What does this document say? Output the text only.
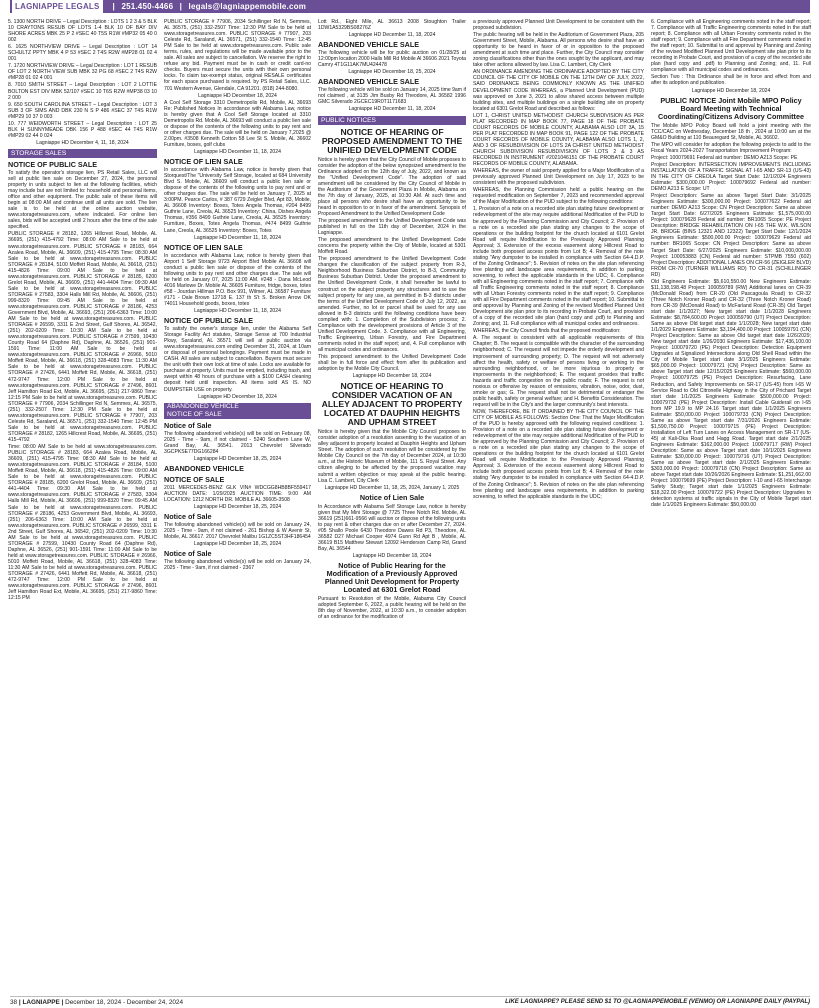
LAGNIAPPE LEGALS	| 251.450-4466 | legals@lagniappemobile.com

5. 1300 NORTH DRIVE – Legal Description : LOTS 1 2 3 & 5 BLK 10 CRAYTONS RESUB OF LOTS 1-4 BLK 10 OF BAY DIV SHORE ACRES MBK 25 P 2 #SEC 40 T5S R1W #MP32 05 40 0 002

6. 1625 NORTHVIEW DRIVE – Legal Description : LOT 14 SCHULTZ PPTY MBK 4 P 53 #SEC 2 T4S R2W #MP28 01 02 4 001

7. 1720 NORTHVIEW DRIVE – Legal Description : LOT 1 RESUB OF LOT 2 NORTH VIEW SUB MBK 32 PG 68 #SEC 2 T4S R2W #MP28 01 02 4 001

8. 7010 SMITH STREET – Legal Description : LOT 2 LOTTIE BOLTON EST DIV MBK 52/107 #SEC 10 T6S R2W #MP38 03 10 2 000

9. 650 SOUTH CAROLINA STREET – Legal Description : LOT 3 SUB 3 OF SIMS AND DBK 230 N S P 486 #SEC 37 T4S R1W #MP29 10 37 0 003

10. 777 WEIDWORTH STREET – Legal Description : LOT 25 BLK H SUNNYMEADE DBK 156 P 488 #SEC 44 T4S R1W #MP29 02 44 0 024

Lagniappe HD December 4, 11, 18, 2024

STORAGE SALES
NOTICE OF PUBLIC SALE

To satisfy the operator's storage lien, PS Retail Sales, LLC will sell at public lien sale on December 27, 2024, the personal property in units subject to lien at the following facilities, which may include but are not limited to: household and personal items, office and other equipment. The public sale of these items will begin at 08:00 AM and continue until all units are sold. The lien sale is to be held at the online auction website, www.storagetreasures.com, where indicated. For online lien sales, bids will be accepted until 2 hours after the time of the sale specified.

PUBLIC STORAGE # 28182, 1265 Hillcrest Road, Mobile, AL 36695, (251) 415-4792 Time: 08:00 AM Sale to be held at www.storagetreasures.com. PUBLIC STORAGE # 28183, 664 Azalea Road, Mobile, AL 36609, (251) 415-4795 Time: 08:30 AM Sale to be held at www.storagetreasures.com. PUBLIC STORAGE # 28184, 5100 Moffett Road, Mobile, AL 36618, (251) 415-4826 Time: 09:00 AM Sale to be held at www.storagetreasures.com. PUBLIC STORAGE # 28185, 6200 Grelot Road, Mobile, AL 36609, (251) 441-4404 Time: 09:30 AM Sale to be held at www.storagetreasures.com. PUBLIC STORAGE # 27583, 3304 Halls Mill Rd, Mobile, AL 36606, (251) 999-8320 Time: 09:45 AM Sale to be held at www.storagetreasures.com. PUBLIC STORAGE # 28186, 4253 Government Blvd, Mobile, AL 36693, (251) 206-6363 Time: 10:00 AM Sale to be held at www.storagetreasures.com. PUBLIC STORAGE # 26599, 3311 E 2nd Street, Gulf Shores, AL 36542, (251) 202-0209 Time: 10:30 AM Sale to be held at www.storagetreasures.com. PUBLIC STORAGE # 27599, 10430 County Road 64 (Daphne Rd), Daphne, AL 36526, (251) 901-1591 Time: 11:00 AM Sale to be held at www.storagetreasures.com. PUBLIC STORAGE # 26966, 5010 Moffett Road, Mobile, AL 36618, (251) 328-4083 Time: 11:30 AM Sale to be held at www.storagetreasures.com. PUBLIC STORAGE # 27426, 6441 Moffett Rd, Mobile, AL 36618, (251) 472-9747 Time: 12:00 PM Sale to be held at www.storagetreasures.com. PUBLIC STORAGE # 27496, 8601 Jeff Hamilton Road Ext, Mobile, AL 36695, (251) 217-9860 Time: 12:15 PM Sale to be held at www.storagetreasures.com. PUBLIC STORAGE # 77906, 2034 Schillinger Rd N, Semmes, AL 36575, (251) 332-2507 Time: 12:30 PM Sale to be held at www.storagetreasures.com. PUBLIC STORAGE # 77907, 203 Celeste Rd, Saraland, AL 36571, (251) 332-1540 Time: 12:45 PM Sale to be held at www.storagetreasures.com. PUBLIC STORAGE # 28182, 1265 Hillcrest Road, Mobile, AL 36695, (251) 415-4792

Time: 08:00 AM Sale to be held at www.storagetreasures.com. PUBLIC STORAGE # 28183, 664 Azalea Road, Mobile, AL 36609, (251) 415-4795 Time: 08:30 AM Sale to be held at www.storagetreasures.com. PUBLIC STORAGE # 28184, 5100 Moffett Road, Mobile, AL 36618, (251) 415-4826 Time: 09:00 AM Sale to be held at www.storagetreasures.com. PUBLIC STORAGE # 28185, 6200 Grelot Road, Mobile, AL 36609, (251) 441-4404 Time: 09:30 AM Sale to be held at www.storagetreasures.com. PUBLIC STORAGE # 27583, 3304 Halls Mill Rd, Mobile, AL 36606, (251) 999-8320 Time: 09:45 AM Sale to be held at www.storagetreasures.com. PUBLIC STORAGE # 28186, 4253 Government Blvd, Mobile, AL 36693, (251) 206-6363 Time: 10:00 AM Sale to be held at www.storagetreasures.com. PUBLIC STORAGE # 26599, 3311 E 2nd Street, Gulf Shores, AL 36542, (251) 202-0209 Time: 10:30 AM Sale to be held at www.storagetreasures.com. PUBLIC STORAGE # 27599, 10430 County Road 64 (Daphne Rd), Daphne, AL 36526, (251) 901-1591 Time: 11:00 AM Sale to be held at www.storagetreasures.com. PUBLIC STORAGE # 26966, 5010 Moffett Road, Mobile, AL 36618, (251) 328-4083 Time: 11:30 AM Sale to be held at www.storagetreasures.com. PUBLIC STORAGE # 27426, 6441 Moffett Rd, Mobile, AL 36618, (251) 472-9747 Time: 12:00 PM Sale to be held at www.storagetreasures.com. PUBLIC STORAGE # 27496, 8601 Jeff Hamilton Road Ext, Mobile, AL 36695, (251) 217-9860 Time: 12:15 PM

PUBLIC STORAGE # 77906, 2034 Schillinger Rd N, Semmes, AL 36575, (251) 332-2507 Time: 12:30 PM Sale to be held at www.storagetreasures.com. PUBLIC STORAGE # 77907, 203 Celeste Rd, Saraland, AL 36571, (251) 332-1540 Time: 12:45 PM Sale to be held at www.storagetreasures.com. Public sale terms, rules, and regulations will be made available prior to the sale. All sales are subject to cancellation. We reserve the right to refuse any bid. Payment must be in cash or credit card-no checks. Buyers must secure the units with their own personal locks. To claim tax-exempt status, original RESALE certificates for each space purchased is required. by PS Retail Sales, LLC. 701 Western Avenue, Glendale, CA 91201. (818) 244-8080.

Lagniappe HD December 18, 2024

A Cool Self Storage 3310 Demetropolis Rd, Mobile, AL 36693 Re: Published Notices In accordance with Alabama Law, notice is hereby given that A Cool Self Storage located at 3310 Demetropolis Rd. Mobile, AL 36693 will conduct a public lien sale or dispose of the contents of the following units to pay rent and or other charges due. The sale will be held on January 7,2025 @ 2.00pm. #3508 Kenneth Cotton 58 Lee St S. Mobile, AL 36602 Furniture, boxes, golf clubs

Lagniappe HD December 11, 18, 2024

NOTICE OF LIEN SALE

In accordance with Alabama Law, notice is hereby given that Storquest/The "University Self Storage, located at 684 University Blvd S. Mobile, AL 36609 will conduct a public lien sale or dispose of the contents of the following units to pay rent and or other charges due. The sale will be held on January 7, 2025 at 3:00PM. Pearce Carlos, # 387 6729 Zeigler Blvd, Apt 83, Mobile, AL 36608 Inventory: Boxes, Totes Angela Thomas, #204 8499 Guthrie Lane, Creola, AL 36525 Inventory: China, Dishes Angela Thomas, #356 8499 Guthrie Lane, Creola, AL 36525 Inventory: Furniture, Boxes, Totes Angela Thomas, #474 8499 Guthrie Lane, Creola, AL 36525 Inventory: Boxes, Totes

Lagniappe HD December 11, 18, 2024

NOTICE OF LIEN SALE

In accordance with Alabama Law, notice is hereby given that Airport 1 Self Storage 9723 Airport Blvd Mobile AL 36608 will conduct a public lien sale or dispose of the contents of the following units to pay rent and other charges due. The sale will be held on January 07, 2025 11:00 AM. #248 - Dana McLeod 4016 Marlowe Dr. Mobile AL 36605 Furniture, fridge, boxes, totes #58 - Jourdan Hillman P.O. Box 991, Wilmer, AL 36587 Furniture #171 - Dale Brown 12718 E. 137 th S't S. Broken Arrow OK 74011 Household goods, boxes, totes

Lagniappe HD December 11, 18, 2024

NOTICE OF PUBLIC SALE

To satisfy the owner's storage lien, under the Alabama Self Storage Facility Act statutes, Storage Sense at 700 Industrial Pkwy, Saraland, AL 36571 will sell at public auction via www.storagetreasures.com ending December 31, 2024, at 10am or disposal of personal belongings. Payment must be made in CASH. All sales are subject to cancellation. Buyers must secure the unit with their own lock at time of sale. Locks are available for purchase at property. Units must be emptied, including trash, and swept within 48 hours of purchase with a $100 CASH cleaning deposit held until inspection. All items sold AS IS. NO DUMPSTER USE on property.

Lagniappe HD December 18, 2024

ABANDONED VEHICLE
NOTICE OF SALE
Notice of Sale

The following abandoned vehicle(s) will be sold on February 08, 2025 - Time - 9am, if not claimed - 5240 Southern Lane W, Grand Bay, AL 36541. 2013 Chevrolet Silverado 3GCPKSE77DG166284

Lagniappe HD December 18, 25, 2024

ABANDONED VEHICLE
NOTICE OF SALE

2011 MERCEDES-BENZ GLK VIN# WDCGG8HB8BF559417 AUCTION DATE: 1/29/2025 AUCTION TIME: 9:00 AM LOCATION: 1212 NORTH DR. MOBILE AL 36605-3508

Lagniappe HD December 18, 25, 2024

Notice of Sale

The following abandoned vehicle(s) will be sold on January 24, 2025 - Time - 9am, if not claimed - 261 Bishop & W Avenir St, Mobile, AL 36617. 2017 Chevrolet Malibu 1G1ZC5ST3HF186454

Lagniappe HD December 18, 25, 2024

Notice of Sale

The following abandoned vehicle(s) will be sold on January 24, 2025 - Time - 9am, if not claimed - 2367

Lott Rd., Eight Mile, AL 36613 2008 Stoughton Trailer 1DW1A5329BS08276Z

Lagniappe HD December 11, 18, 2024

ABANDONED VEHICLE SALE

The following vehicle will be for public auction on 01/28/25 at 12:00pm location 2000 Halls Mill Rd Mobile Al 36606 2021 Toyota Camry 4T1G11AK7MU424478

Lagniappe HD December 18, 25, 2024

ABANDONED VEHICLE SALE

The following vehicle will be sold on January 14, 2025 time 9am if not claimed , at 3135 Jim Busby Rd Theodore, AL 36582 1996 GMC Silverado 2GCEC19R0T1171683

Lagniappe HD December 11, 18, 2024

PUBLIC NOTICES
NOTICE OF HEARING OF PROPOSED AMENDMENT TO THE UNIFIED DEVELOPMENT CODE

Notice is hereby given that the City Council of Mobile proposes to consider the adoption of the below synopsized amendment to the Ordinance adopted on the 12th day of July, 2022, and known as the "Unified Development Code". The adoption of said amendment will be considered by the City Council of Mobile in the Auditorium of the Government Plaza in Mobile, Alabama on the 7th day of January, 2025, at 10:30 AM. At such time and place all persons who desire shall have an opportunity to be heard in opposition to or in favor of the amendment. Synopsis of Proposed Amendment to the Unified Development Code

The proposed amendment to the Unified Development Code was published in full on the 11th day of December, 2024 in the Lagniappe.

The proposed amendment to the Unified Development Code concerns the property within the City of Mobile, located at 5301 Moffett Road.

The proposed amendment to the Unified Development Code changes the classification of the subject property from R-3, Neighborhood Business Suburban District, to B-3, Community Business Suburban District. Under the proposed amendment to the Unified Development Code, it shall hereafter be lawful to construct on the subject property any structures and to use the subject property for any use, as permitted in B-3 districts under the terms of the Unified Development Code of July 12, 2022, as amended. Further, no lot or parcel shall be used for any use allowed in B-3 districts until the following conditions have been complied with: 1. Completion of the Subdivision process; 2. Compliance with the development provisions of Article 3 of the Unified Development Code. 3. Compliance with all Engineering, Traffic Engineering, Urban Forestry, and Fire Department comments noted in the staff report; and, 4. Full compliance with all municipal codes and ordinances.

This proposed amendment to the Unified Development Code shall be in full force and effect from after its publication and adoption by the Mobile City Council.

Lagniappe HD December 18, 2024

NOTICE OF HEARING TO CONSIDER VACATION OF AN ALLEY ADJACENT TO PROPERTY LOCATED AT DAUPHIN HEIGHTS AND UPHAM STREET

Notice is hereby given that the Mobile City Council proposes to consider adoption of a resolution assenting to the vacation of an alley adjacent to property located at Dauphin Heights and Upham Street. The adoption of such resolution will be considered by the Mobile City Council on the 7th day of December 2024, at 10:30 a.m., at the Historic Museum of Mobile, 111 S. Royal Street. Any citizen alleging to be affected by the proposed vacation may submit a written objection or may speak at the public hearing. Lisa C. Lambert, City Clerk

Lagniappe HD December 11, 18, 25, 2024, January 1, 2025

Notice of Lien Sale

In Accordance with Alabama Self Storage Law, notice is hereby given that My Mini Storage @ 7725 Three Notch Rd. Mobile, AL 36619 (251)661-9566 will auction or dispose of the following units to pay rent & other charges due on or after December 27, 2024. #05 Shallo Poole 6430 Theodore Dawes Rd P3, Theodore, AL 36582 D27 Michael Cooper 4974 Gunn Rd Apt B , Mobile, AL 36619 B15 Matthew Stewart 12092 Henderson Camp Rd, Grand Bay, AL 36544

Lagniappe HD December 18, 2024

Notice of Public Hearing for the Modification of a Previously Approved Planned Unit Development for Property Located at 6301 Grelot Road

Pursuant to Resolution of the Mobile, Alabama City Council adopted September 6, 2022, a public hearing will be held on the 8th day of November, 2022, at 10:30 a.m., to consider adoption of an ordinance for the modification of

a previously approved Planned Unit Development to be consistent with the proposed subdivision.

The public hearing will be held in the Auditorium of Government Plaza, 205 Government Street, Mobile, Alabama. All persons who desire shall have an opportunity to be heard in favor of or in opposition to the proposed amendment at such time and place. Further, the City Council may consider zoning classifications other than the ones sought by the applicant, and may take other actions allowed by law. Lisa C. Lambert, City Clerk

AN ORDINANCE AMENDING THE ORDINANCE ADOPTED BY THE CITY COUNCIL OF THE CITY OF MOBILE ON THE 12TH DAY OF JULY, 2022, SAID ORDINANCE BEING COMMONLY KNOWN AS THE UNIFIED DEVELOPMENT CODE WHEREAS, a Planned Unit Development (PUD) was approved on June 3, 2021 to allow shared access between multiple building sites, and multiple buildings on a single building site on property located at 6301 Grelot Road and described as follows:

LOT 1, CHRIST UNITED METHODIST CHURCH SUBDIVISION AS PER PLAT RECORDED IN MAP BOOK 77, PAGE 18 OF THE PROBATE COURT RECORDS OF MOBILE COUNTY, ALABAMA ALSO LOT 3A, 15 PER PLAT RECORDED IN MAP BOOK 91, PAGE 122 OF THE PROBATE COURT RECORDS OF MOBILE COUNTY, ALABAMA ALSO LOTS 1, 2, AND 3 OF RESUBDIVISION OF LOTS 2A CHRIST UNITED METHODIST CHURCH SUBDIVISION RESUBDIVISION OF LOTS 2 & 3 AS RECORDED IN INSTRUMENT #2021046151 OF THE PROBATE COURT RECORDS OF MOBILE COUNTY, ALABAMA.

WHEREAS, the owner of said property applied for a Major Modification of a previously approved Planned Unit Development on July 17, 2023 to be consistent with the proposed subdivision.

WHEREAS, the Planning Commission held a public hearing on the requested modification on September 7, 2023 and recommended approval of the Major Modification of the PUD subject to the following conditions:

1. Provision of a note on a recorded site plan stating future development or redevelopment of the site may require additional Modification of the PUD to be approved by the Planning Commission and City Council; 2. Provision of a note on a recorded site plan stating any changes to the scope of operations or the building footprint for the church located at 6101 Grelot Road will require Modification to the Previously Approved Planning Approval; 3. Extension of the excess easement along Hillcrest Road to include both proposed access points from Lot B; 4. Removal of the note stating "Any dumpster to be installed in compliance with Section 64-4.D.P. of the Zoning Ordinance"; 5. Revision of notes on the site plan referencing tree planting and landscape area requirements, in addition to parking screening, to reflect the applicable standards in the UDC; 6. Compliance with all Engineering comments noted in the staff report; 7. Compliance with all Traffic Engineering comments noted in the staff report; 8. Compliance with all Urban Forestry comments noted in the staff report; 9. Compliance with all Fire Department comments noted in the staff report; 10. Submittal to and approval by Planning and Zoning of the revised Modified Planned Unit Development site plan prior to its recording in Probate Court, and provision of a copy of the recorded site plan (hard copy and .pdf) to Planning and Zoning; and, 11. Full compliance with all municipal codes and ordinances.

WHEREAS, the City Council finds that the proposed modification:

A. The request is consistent with all applicable requirements of this Chapter; B. The request is compatible with the character of the surrounding neighborhood; C. The request will not impede the orderly development and improvement of surrounding property; D. The request will not adversely affect the health, safety or welfare of persons living or working in the surrounding neighborhood, or be more injurious to property or improvements in the neighborhood; E. The request provides that traffic hazards and traffic congestion on the public roads; F. The request is not noxious or offensive by reason of emissions, vibration, noise, odor, dust, smoke or gas; G. The request shall not be detrimental or endanger the public health, safety or general welfare; and H. Benefits Consideration. The request will be in the City's and the larger community's best interests.

NOW, THEREFORE, BE IT ORDAINED BY THE CITY COUNCIL OF THE CITY OF MOBILE AS FOLLOWS: Section One: That the Major Modification of the PUD is hereby approved with the following required conditions: 1. Provision of a note on a recorded site plan stating future development or redevelopment of the site may require additional Modification of the PUD to be approved by the Planning Commission and City Council; 2. Provision of a note on a recorded site plan stating any changes to the scope of operations or the building footprint for the church located at 6101 Grelot Road will require Modification to the Previously Approved Planning Approval; 3. Extension of the excess easement along Hillcrest Road to include both proposed access points from Lot B; 4. Removal of the note stating "Any dumpster to be installed in compliance with Section 64-4.D.P. of the Zoning Ordinance"; 5. Revision of notes on the site plan referencing tree planting and landscape area requirements, in addition to parking screening, to reflect the applicable standards in the UDC;

6. Compliance with all Engineering comments noted in the staff report; 7. Compliance with all Traffic Engineering comments noted in the staff report; 8. Compliance with all Urban Forestry comments noted in the staff report; 9. Compliance with all Fire Department comments noted in the staff report; 10. Submittal to and approval by Planning and Zoning of the revised Modified Planned Unit Development site plan prior to its recording in Probate Court, and provision of a copy of the recorded site plan (hard copy and .pdf) to Planning and Zoning; and, 11. Full compliance with all municipal codes and ordinances.

Section Two : This Ordinance shall be in force and effect from and after its adoption and publication.

Lagniappe HD December 18, 2024

PUBLIC NOTICE Joint Mobile MPO Policy Board Meeting with Technical Coordinating/Citizens Advisory Committee

The Mobile MPO Policy Board will hold a joint meeting with the TCC/CAC on Wednesday, December 18 th , 2024 at 10:00 am at the GM&O Building at 110 Beauregard St, Mobile, AL 36602.

The MPO will consider for adoption the following projects to add to the Fiscal Years 2024-2027 Transportation Improvement Program:

Project: 100079691 Federal aid number: DEMO A213 Scope: PE

Project Description: INTERSECTION IMPROVEMENTS INCLUDING INSTALLATION OF A TRAFFIC SIGNAL AT I-65 AND SR-13 (US-43) IN THE CITY OF CREOLA Target Start Date: 12/1/2024 Engineers Estimate: $300,000.00 Project: 100079692 Federal aid number: DEMO A213 E Scope: UT

Project Description: Same as above Target Start Date: 3/1/2025 Engineers Estimate: $300,000.00 Project: 100077622 Federal aid number: DEMO A213 Scope: CN Project Description: Same as above Target Start Date: 6/27/2025 Engineers Estimate: $1,575,000.00 Project: 100079628 Federal aid number: BR1065 Scope: PE Project Description: BRIDGE REHABILITATION ON I-65 THE W.K. WILSON JR. BRIDGE (BINS 12321 AND 12322) Target Start Date: 12/1/2024 Engineers Estimate: $500,000.00 Project: 100079629 Federal aid number: BR1065 Scope: CN Project Description: Same as above Target Start Date: 6/27/2025 Engineers Estimate: $10,000,000.00 Project: 100053883 (CN) Federal aid number: STPMB 7550 (602) Project Description: ADDITIONAL LANES ON CR-56 (ZEIGLER BLVD) FROM CR-70 (TURNER WILLIAMS RD) TO CR-31 (SCHILLINGER RD)

Old Engineers Estimate: $5,610,550.00 New Engineers Estimate: $11,138,198.48 Project: 100059789 (RW) Additional lanes on CR-39 (McDonald Road) from CR-20 (Old Pascagoula Road) to CR-32 (Three Notch Kroner Road) and CR-32 (Three Notch Kroner Road) from CR-39 (McDonald Road) to McFarland Road (CR-35) Old Target start date 1/1/2027; New target start date 1/1/2028 Engineers Estimate: $8,784,600.00 Project 100059790 (UT) Project Description: Same as above Old target start date 1/1/2028; New target start date 1/1/2029 Engineers Estimate: $3,194,400.00 Project: 100059791 (CN) Project Description: Same as above Old target start date 1/26/2029; New target start date 1/26/2030 Engineers Estimate: $17,436,100.00 Project: 100079720 (PE) Project Description: Detection Equipment Upgrades at Signalized Intersections along Old Shell Road within the City of Mobile Target start date 3/1/2025 Engineers Estimate: $65,000.00 Project: 100079721 (CN) Project Description: Same as above Target start date 12/15/2025 Engineers Estimate: $560,000.00 Project: 100079725 (PE) Project Description: Resurfacing, Lane Reduction, and Safety Improvements on SR-17 (US-45) from I-65 W Service Road to Old Citronelle Highway in the City of Prichard Target start date 1/1/2025 Engineers Estimate: $500,000.00 Project: 100079732 (PE) Project Description: Install Cable Guiderail on I-65 from MP 19.9 to MP 24.16 Target start date 1/1/2025 Engineers Estimate: $50,000.00 Project 100079733 (CN) Project Description: Same as above Target start date 7/31/2026 Engineers Estimate: $1,590,750.00 Project: 100079715 (PE) Project Description: Installation of Left Turn Lanes on Access Management on SR-17 (US-45) at Kali-Oka Road and Hagg Road. Target start date 2/1/2025 Engineers Estimate: $162,000.00 Project: 100079717 (RW) Project Description: Same as above Target start date 10/1/2025 Engineers Estimate: $30,000.00 Project: 100079716 (UT) Project Description: Same as above Target start date 2/1/2025 Engineers Estimate: $303,000.00 Project: 100079718 (CN) Project Description: Same as above Target start date 10/26/2026 Engineers Estimate: $1,251,662.00 Project: 100079699 (PE) Project Description: I-10 and I-65 Interchange Safety Study; Target start date 1/1/2025 Engineers Estimate: $18,322.00 Project: 100079722 (PE) Project Description: Upgrades to detection systems at traffic signals in the City of Mobile Target start date 1/1/2025 Engineers Estimate: $50,000.00

38 | LAGNIAPPE | December 18, 2024 - December 24, 2024	LIKE LAGNIAPPE? PLEASE SEND $1 TO @LAGNIAPPEMOBILE (VENMO) OR LAGNIAPPE DAILY (PAYPAL)
